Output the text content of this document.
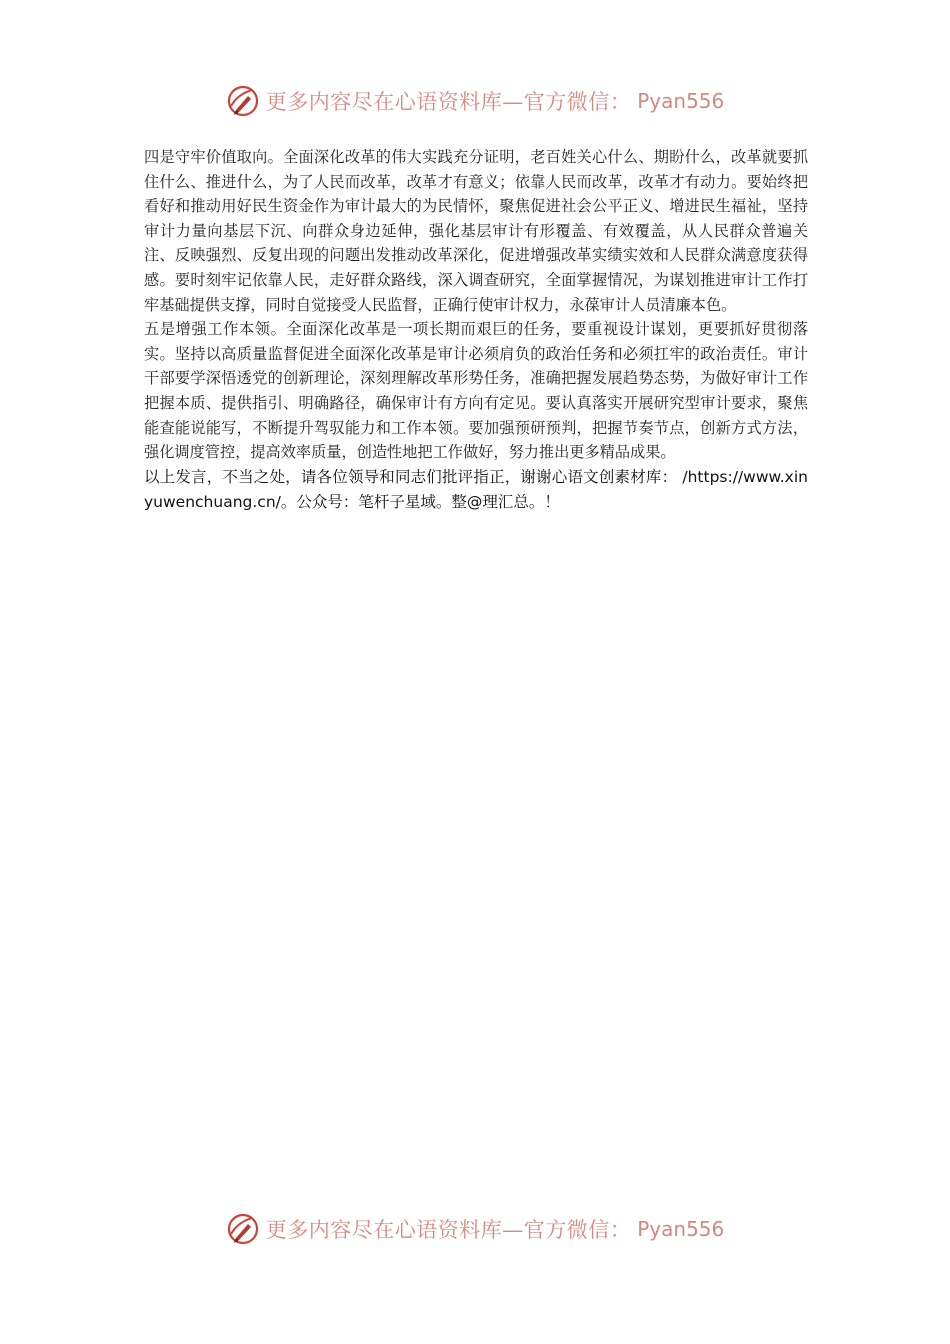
更多内容尽在心语资料库—官方微信： Pyan556

四是守牢价值取向。全面深化改革的伟大实践充分证明，老百姓关心什么、期盼什么，改革就要抓住什么、推进什么，为了人民而改革，改革才有意义；依靠人民而改革，改革才有动力。要始终把看好和推动用好民生资金作为审计最大的为民情怀，聚焦促进社会公平正义、增进民生福祉，坚持审计力量向基层下沉、向群众身边延伸，强化基层审计有形覆盖、有效覆盖，从人民群众普遍关注、反映强烈、反复出现的问题出发推动改革深化，促进增强改革实绩实效和人民群众满意度获得感。要时刻牢记依靠人民，走好群众路线，深入调查研究，全面掌握情况，为谋划推进审计工作打牢基础提供支撑，同时自觉接受人民监督，正确行使审计权力，永葆审计人员清廉本色。

五是增强工作本领。全面深化改革是一项长期而艰巨的任务，要重视设计谋划，更要抓好贯彻落实。坚持以高质量监督促进全面深化改革是审计必须肩负的政治任务和必须扛牢的政治责任。审计干部要学深悟透党的创新理论，深刻理解改革形势任务，准确把握发展趋势态势，为做好审计工作把握本质、提供指引、明确路径，确保审计有方向有定见。要认真落实开展研究型审计要求，聚焦能查能说能写，不断提升驾驭能力和工作本领。要加强预研预判，把握节奏节点，创新方式方法，强化调度管控，提高效率质量，创造性地把工作做好，努力推出更多精品成果。

以上发言，不当之处，请各位领导和同志们批评指正，谢谢心语文创素材库： /https://www.xinyuwenchuang.cn/。公众号：笔杆子星域。整@理汇总。！

更多内容尽在心语资料库—官方微信： Pyan556
